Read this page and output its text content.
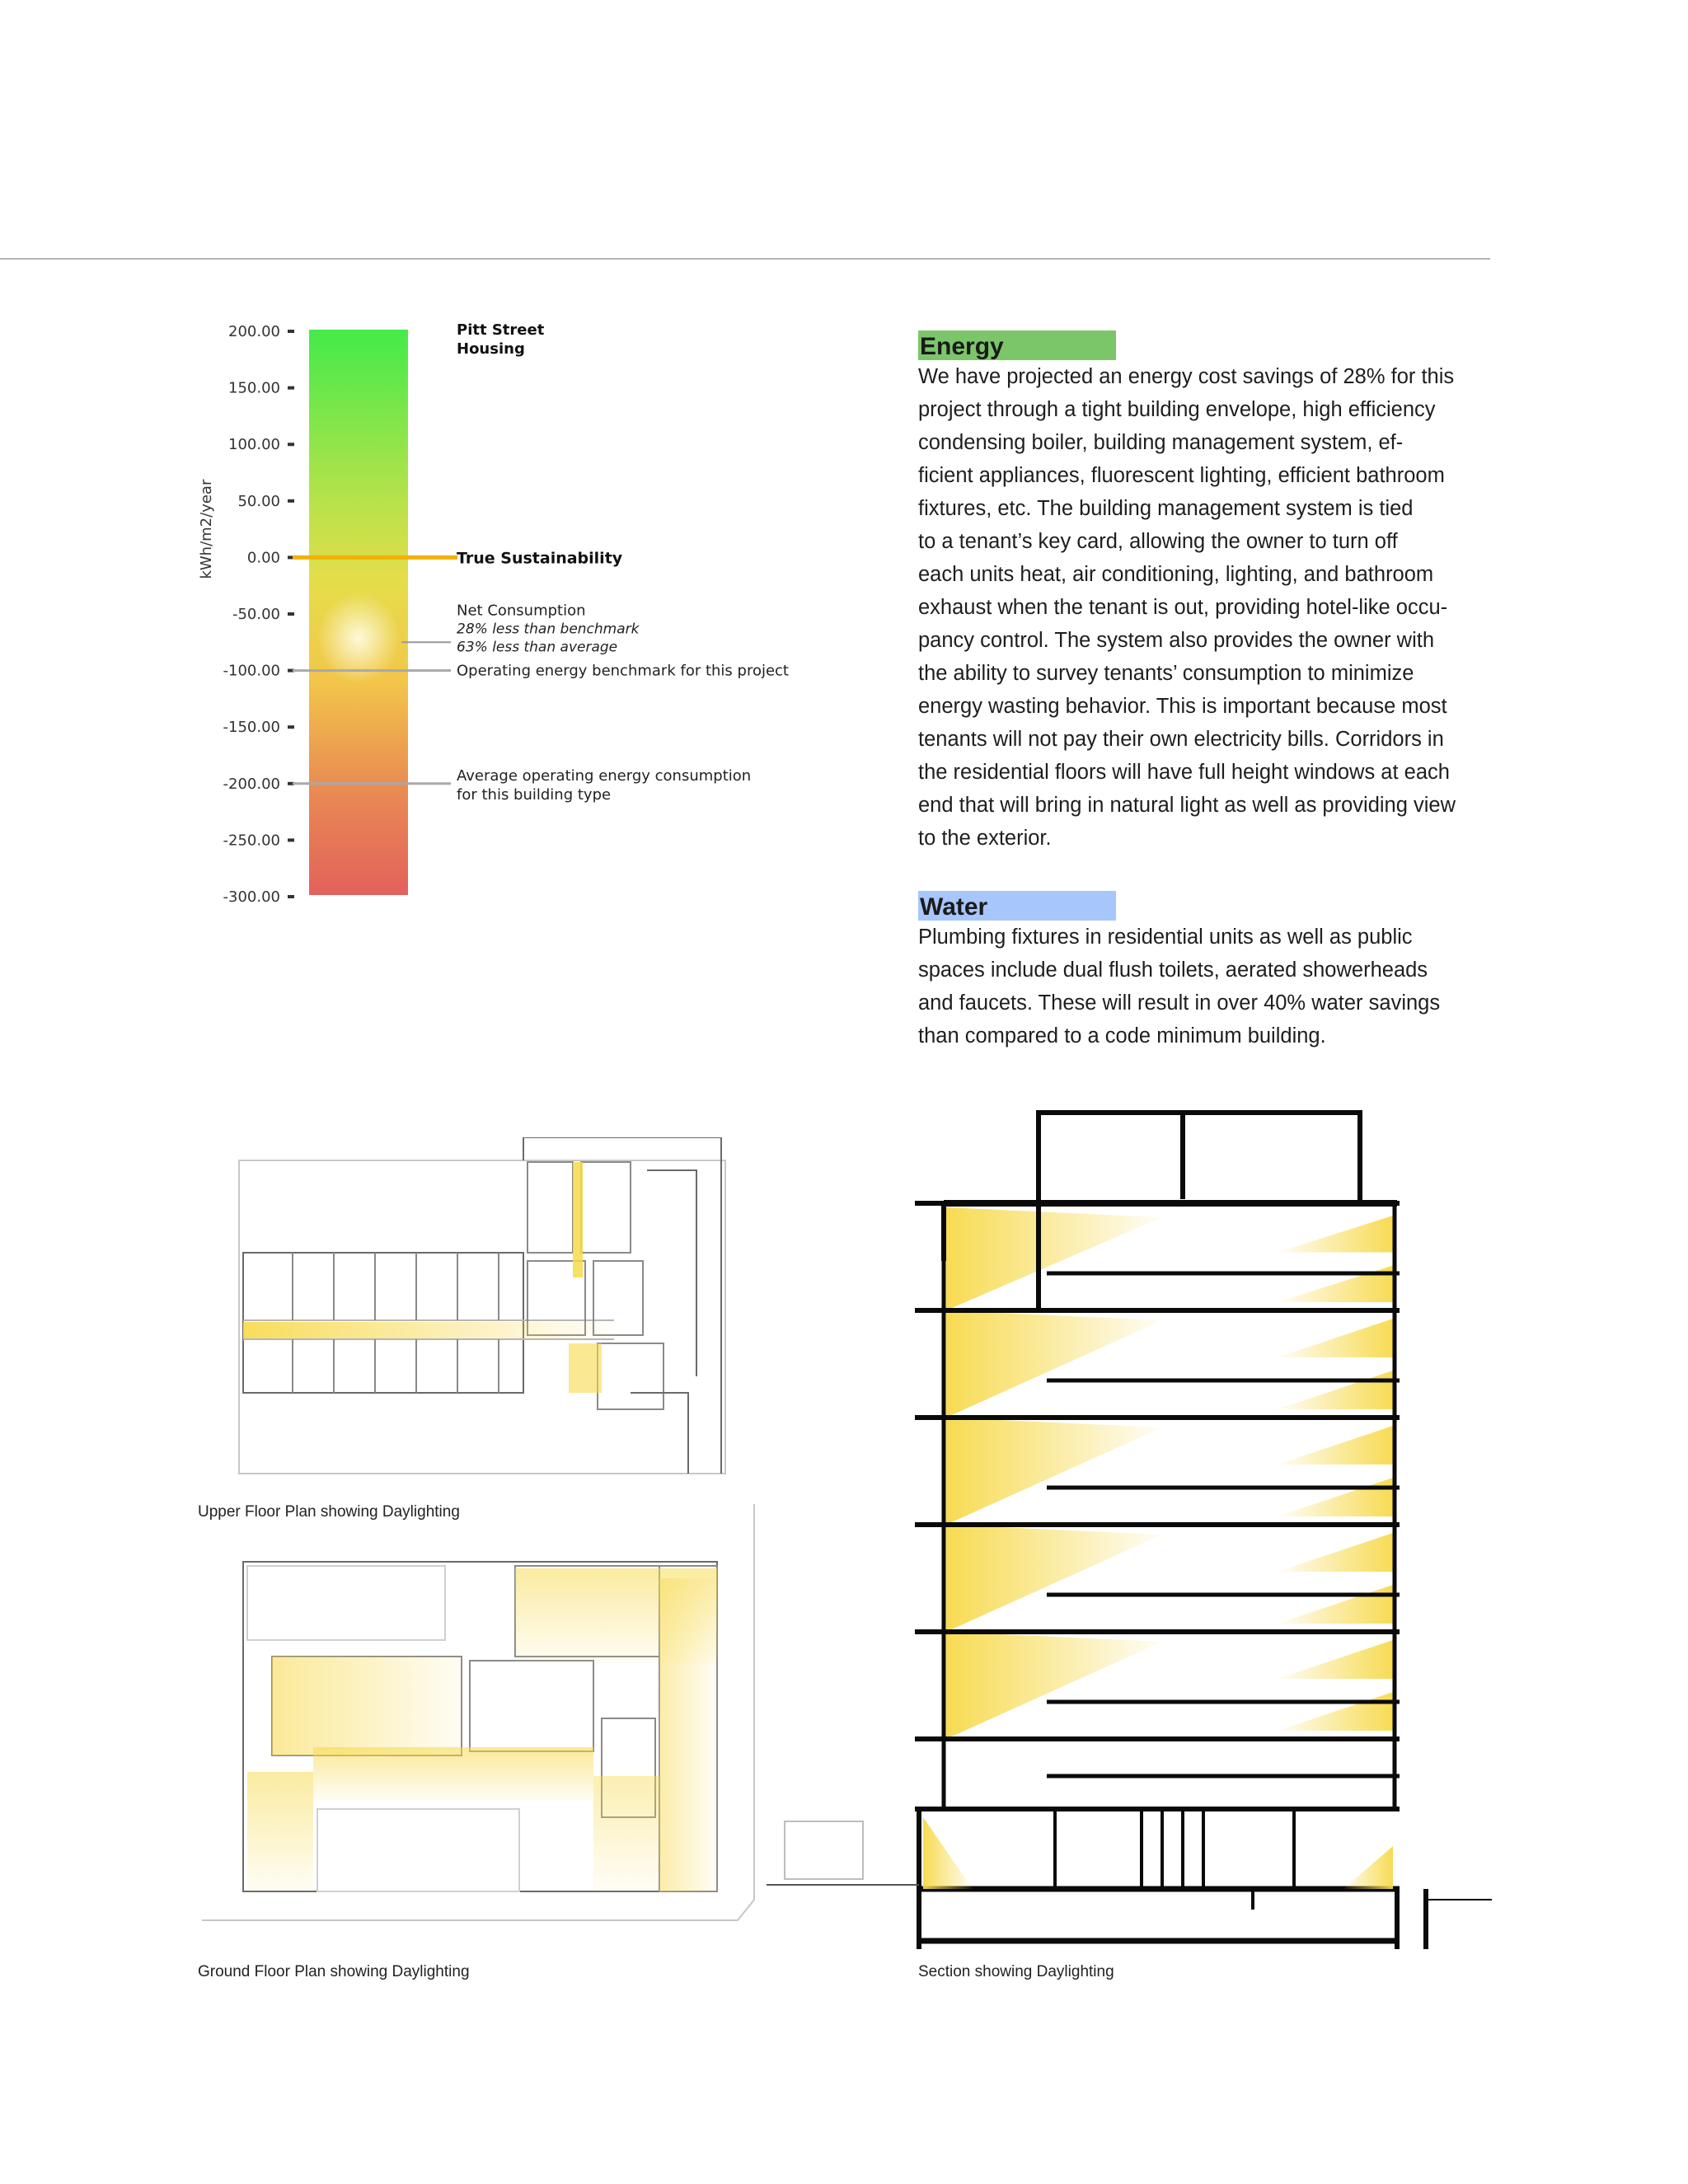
200.00
150.00
100.00
50.00
0.00
-50.00
-100.00
-150.00
-200.00
-250.00
-300.00
kWh/m2/year
Pitt Street
Housing
True Sustainability
Net Consumption
28% less than benchmark
63% less than average
Operating energy benchmark for this project
Average operating energy consumption
for this building type
Energy

We have projected an energy cost savings of 28% for this

project through a tight building envelope, high efficiency

condensing boiler, building management system, ef-

ficient appliances, fluorescent lighting, efficient bathroom

fixtures, etc. The building management system is tied

to a tenant’s key card, allowing the owner to turn off

each units heat, air conditioning, lighting, and bathroom

exhaust when the tenant is out, providing hotel-like occu-

pancy control. The system also provides the owner with

the ability to survey tenants’ consumption to minimize

energy wasting behavior. This is important because most

tenants will not pay their own electricity bills. Corridors in

the residential floors will have full height windows at each

end that will bring in natural light as well as providing view

to the exterior.

Water

Plumbing fixtures in residential units as well as public

spaces include dual flush toilets, aerated showerheads

and faucets. These will result in over 40% water savings

than compared to a code minimum building.

Upper Floor Plan showing Daylighting
Ground Floor Plan showing Daylighting	Section showing Daylighting
